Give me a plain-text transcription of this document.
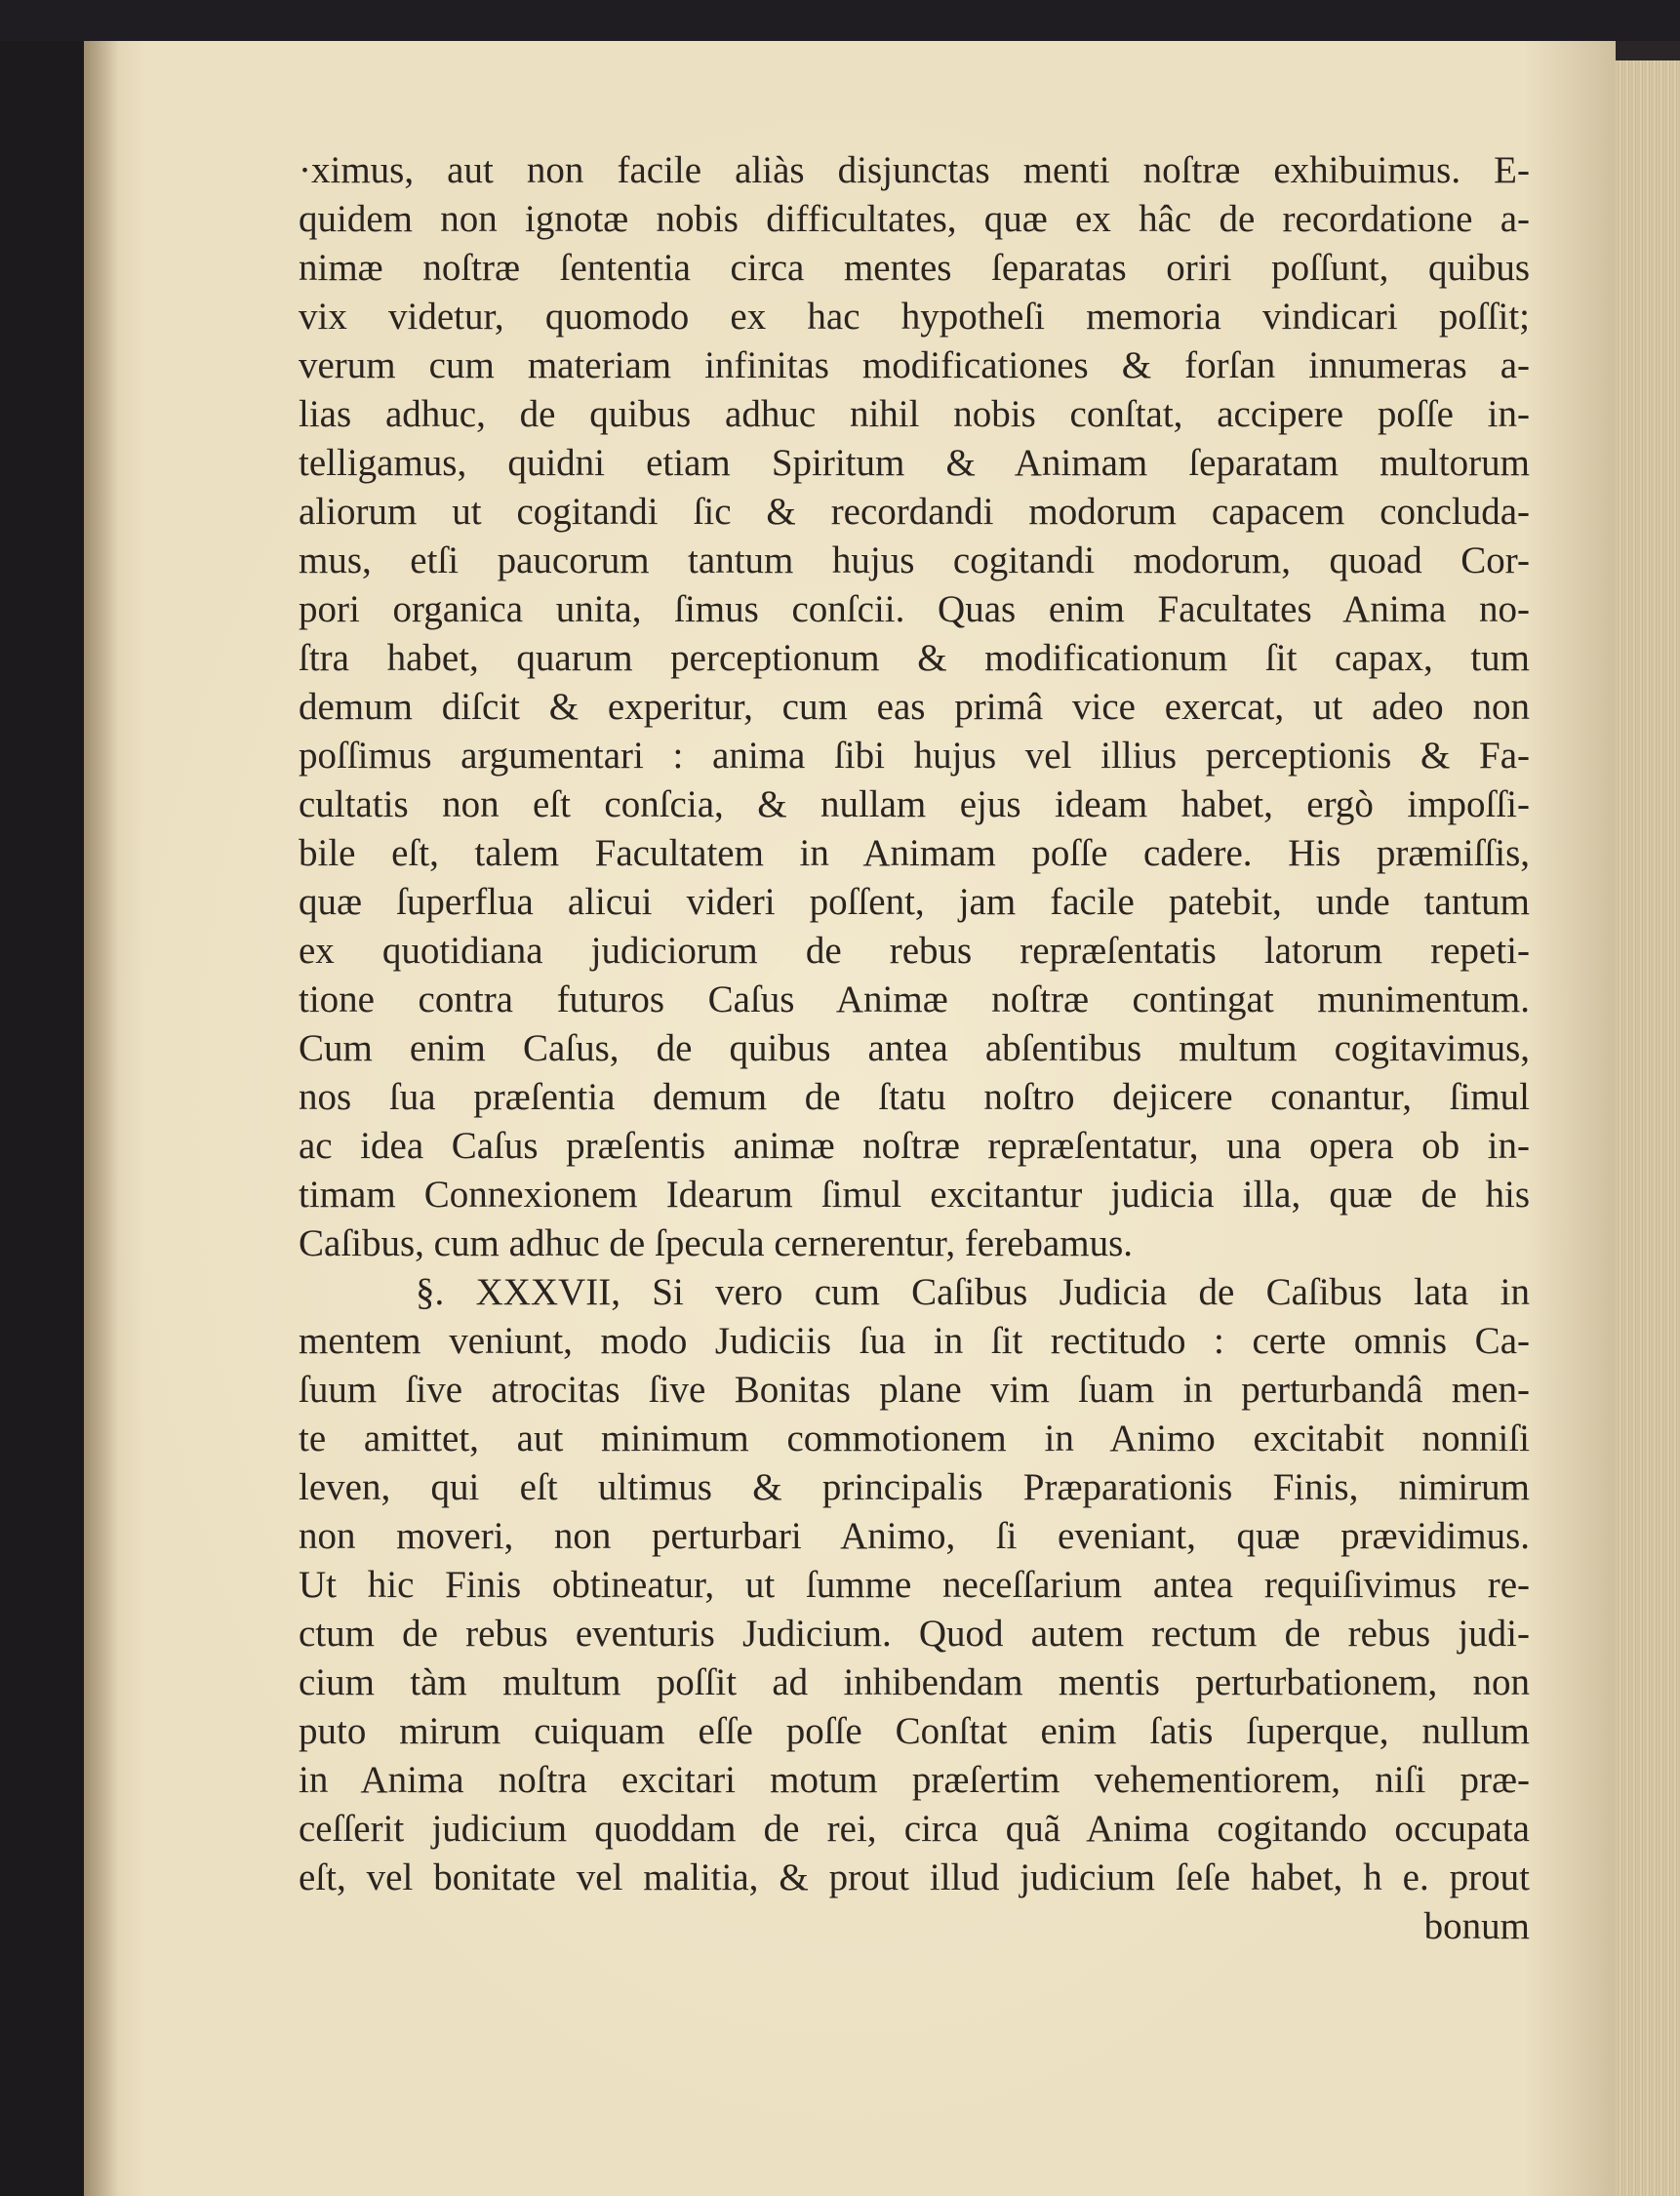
·ximus, aut non facile aliàs disjunctas menti noſtræ exhibuimus. E-
quidem non ignotæ nobis difficultates, quæ ex hâc de recordatione a-
nimæ noſtræ ſententia circa mentes ſeparatas oriri poſſunt, quibus
vix videtur, quomodo ex hac hypotheſi memoria vindicari poſſit;
verum cum materiam infinitas modificationes & forſan innumeras a-
lias adhuc, de quibus adhuc nihil nobis conſtat, accipere poſſe in-
telligamus, quidni etiam Spiritum & Animam ſeparatam multorum
aliorum ut cogitandi ſic & recordandi modorum capacem concluda-
mus, etſi paucorum tantum hujus cogitandi modorum, quoad Cor-
pori organica unita, ſimus conſcii. Quas enim Facultates Anima no-
ſtra habet, quarum perceptionum & modificationum ſit capax, tum
demum diſcit & experitur, cum eas primâ vice exercat, ut adeo non
poſſimus argumentari : anima ſibi hujus vel illius perceptionis & Fa-
cultatis non eſt conſcia, & nullam ejus ideam habet, ergò impoſſi-
bile eſt, talem Facultatem in Animam poſſe cadere. His præmiſſis,
quæ ſuperflua alicui videri poſſent, jam facile patebit, unde tantum
ex quotidiana judiciorum de rebus repræſentatis latorum repeti-
tione contra futuros Caſus Animæ noſtræ contingat munimentum.
Cum enim Caſus, de quibus antea abſentibus multum cogitavimus,
nos ſua præſentia demum de ſtatu noſtro dejicere conantur, ſimul
ac idea Caſus præſentis animæ noſtræ repræſentatur, una opera ob in-
timam Connexionem Idearum ſimul excitantur judicia illa, quæ de his
Caſibus, cum adhuc de ſpecula cernerentur, ferebamus.
§. XXXVII, Si vero cum Caſibus Judicia de Caſibus lata in
mentem veniunt, modo Judiciis ſua in ſit rectitudo : certe omnis Ca-
ſuum ſive atrocitas ſive Bonitas plane vim ſuam in perturbandâ men-
te amittet, aut minimum commotionem in Animo excitabit nonniſi
leven, qui eſt ultimus & principalis Præparationis Finis, nimirum
non moveri, non perturbari Animo, ſi eveniant, quæ prævidimus.
Ut hic Finis obtineatur, ut ſumme neceſſarium antea requiſivimus re-
ctum de rebus eventuris Judicium. Quod autem rectum de rebus judi-
cium tàm multum poſſit ad inhibendam mentis perturbationem, non
puto mirum cuiquam eſſe poſſe Conſtat enim ſatis ſuperque, nullum
in Anima noſtra excitari motum præſertim vehementiorem, niſi præ-
ceſſerit judicium quoddam de rei, circa quã Anima cogitando occupata
eſt, vel bonitate vel malitia, & prout illud judicium ſeſe habet, h e. prout
bonum
